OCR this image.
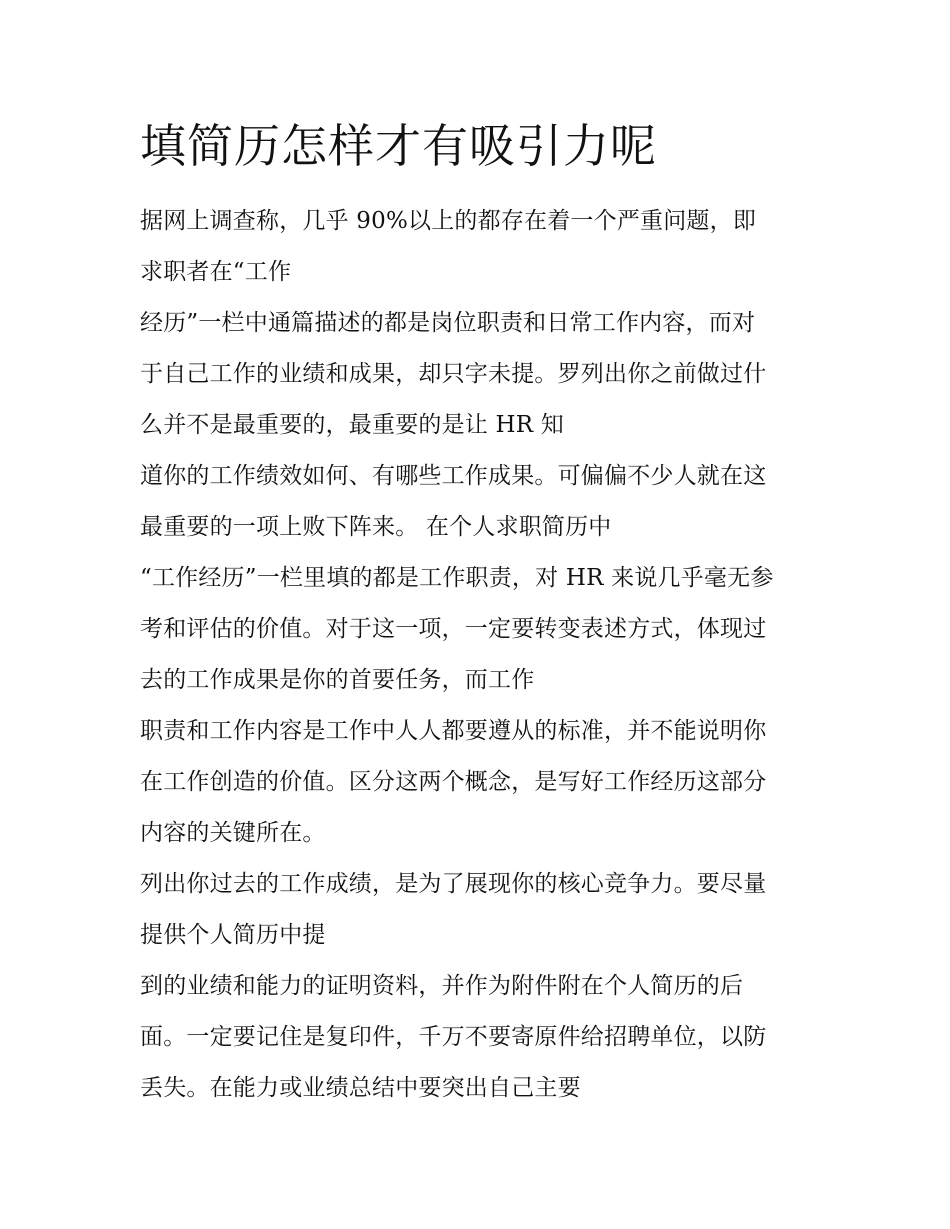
填简历怎样才有吸引力呢

据网上调查称，几乎 90%以上的都存在着一个严重问题，即

求职者在“工作

经历”一栏中通篇描述的都是岗位职责和日常工作内容，而对

于自己工作的业绩和成果，却只字未提。罗列出你之前做过什

么并不是最重要的，最重要的是让 HR 知

道你的工作绩效如何、有哪些工作成果。可偏偏不少人就在这

最重要的一项上败下阵来。 在个人求职简历中

“工作经历”一栏里填的都是工作职责，对 HR 来说几乎毫无参

考和评估的价值。对于这一项，一定要转变表述方式，体现过

去的工作成果是你的首要任务，而工作

职责和工作内容是工作中人人都要遵从的标准，并不能说明你

在工作创造的价值。区分这两个概念，是写好工作经历这部分

内容的关键所在。

列出你过去的工作成绩，是为了展现你的核心竞争力。要尽量

提供个人简历中提

到的业绩和能力的证明资料，并作为附件附在个人简历的后

面。一定要记住是复印件，千万不要寄原件给招聘单位，以防

丢失。在能力或业绩总结中要突出自己主要
